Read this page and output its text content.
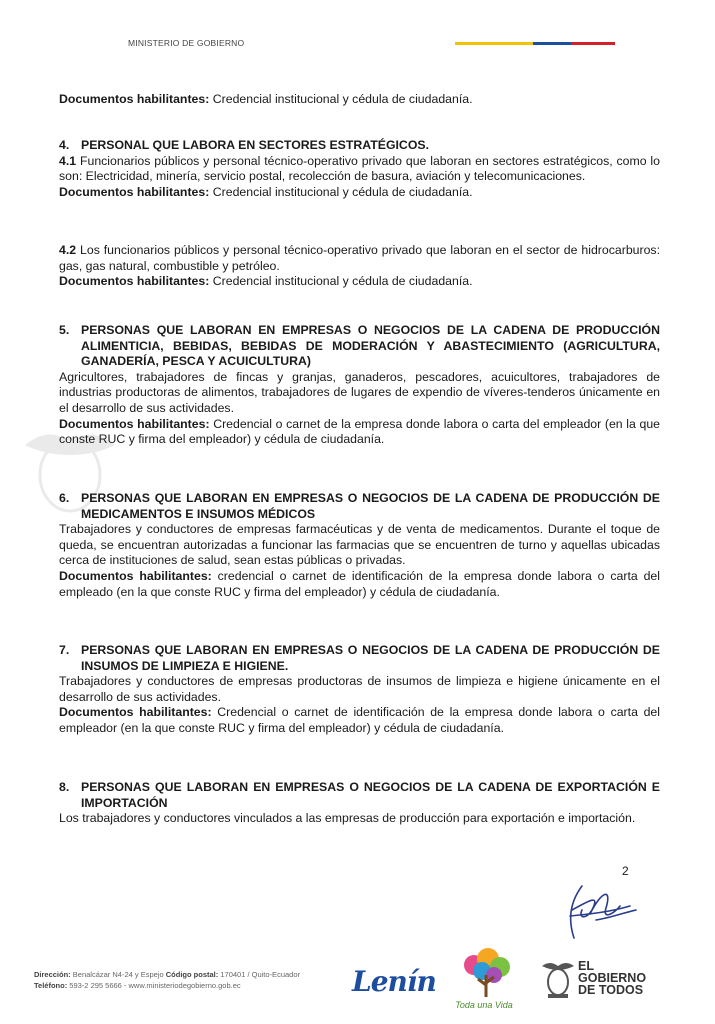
MINISTERIO DE GOBIERNO

Documentos habilitantes: Credencial institucional y cédula de ciudadanía.

4. PERSONAL QUE LABORA EN SECTORES ESTRATÉGICOS.

4.1 Funcionarios públicos y personal técnico-operativo privado que laboran en sectores estratégicos, como lo son: Electricidad, minería, servicio postal, recolección de basura, aviación y telecomunicaciones.

Documentos habilitantes: Credencial institucional y cédula de ciudadanía.

4.2 Los funcionarios públicos y personal técnico-operativo privado que laboran en el sector de hidrocarburos: gas, gas natural, combustible y petróleo.

Documentos habilitantes: Credencial institucional y cédula de ciudadanía.

5. PERSONAS QUE LABORAN EN EMPRESAS O NEGOCIOS DE LA CADENA DE PRODUCCIÓN ALIMENTICIA, BEBIDAS, BEBIDAS DE MODERACIÓN Y ABASTECIMIENTO (AGRICULTURA, GANADERÍA, PESCA Y ACUICULTURA)

Agricultores, trabajadores de fincas y granjas, ganaderos, pescadores, acuicultores, trabajadores de industrias productoras de alimentos, trabajadores de lugares de expendio de víveres-tenderos únicamente en el desarrollo de sus actividades.

Documentos habilitantes: Credencial o carnet de la empresa donde labora o carta del empleador (en la que conste RUC y firma del empleador) y cédula de ciudadanía.

6. PERSONAS QUE LABORAN EN EMPRESAS O NEGOCIOS DE LA CADENA DE PRODUCCIÓN DE MEDICAMENTOS E INSUMOS MÉDICOS

Trabajadores y conductores de empresas farmacéuticas y de venta de medicamentos. Durante el toque de queda, se encuentran autorizadas a funcionar las farmacias que se encuentren de turno y aquellas ubicadas cerca de instituciones de salud, sean estas públicas o privadas.

Documentos habilitantes: credencial o carnet de identificación de la empresa donde labora o carta del empleado (en la que conste RUC y firma del empleador) y cédula de ciudadanía.

7. PERSONAS QUE LABORAN EN EMPRESAS O NEGOCIOS DE LA CADENA DE PRODUCCIÓN DE INSUMOS DE LIMPIEZA E HIGIENE.

Trabajadores y conductores de empresas productoras de insumos de limpieza e higiene únicamente en el desarrollo de sus actividades.

Documentos habilitantes: Credencial o carnet de identificación de la empresa donde labora o carta del empleador (en la que conste RUC y firma del empleador) y cédula de ciudadanía.

8. PERSONAS QUE LABORAN EN EMPRESAS O NEGOCIOS DE LA CADENA DE EXPORTACIÓN E IMPORTACIÓN

Los trabajadores y conductores vinculados a las empresas de producción para exportación e importación.

2
Dirección: Benalcázar N4-24 y Espejo Código postal: 170401 / Quito-Ecuador
Teléfono: 593-2 295 5666 - www.ministeriodegobierno.gob.ec	Lenín
Toda una Vida
EL
GOBIERNO
DE TODOS
